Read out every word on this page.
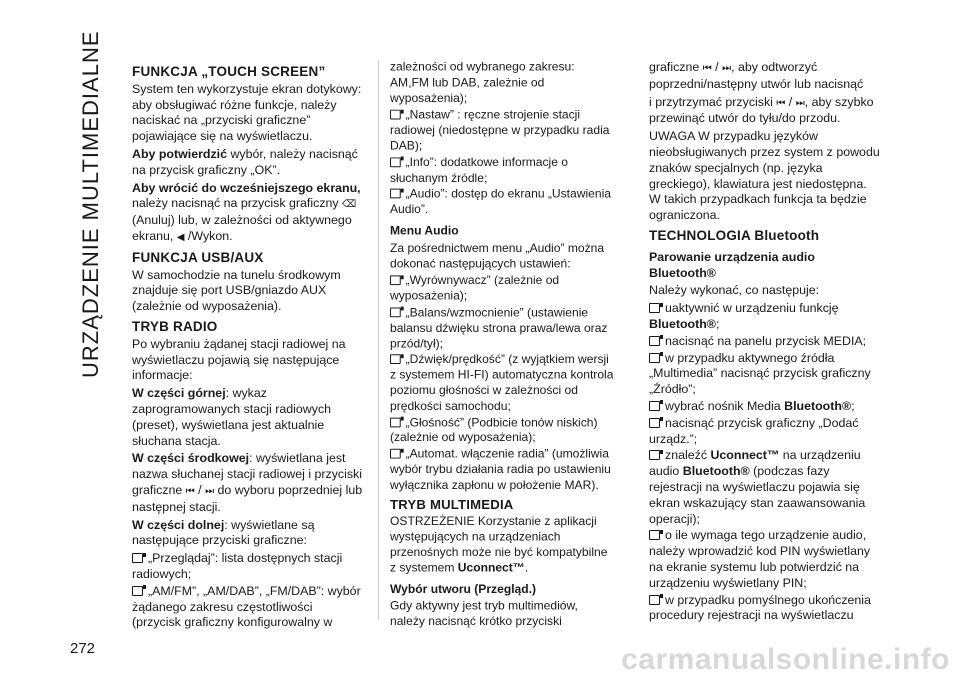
URZĄDZENIE MULTIMEDIALNE
272	carmanualsonline.info
FUNKCJA „TOUCH SCREEN”

System ten wykorzystuje ekran dotykowy: aby obsługiwać różne funkcje, należy naciskać na „przyciski graficzne” pojawiające się na wyświetlaczu.

Aby potwierdzić wybór, należy nacisnąć na przycisk graficzny „OK”.

Aby wrócić do wcześniejszego ekranu, należy nacisnąć na przycisk graficzny ⌫ (Anuluj) lub, w zależności od aktywnego ekranu, ◀ /Wykon.

FUNKCJA USB/AUX

W samochodzie na tunelu środkowym znajduje się port USB/gniazdo AUX (zależnie od wyposażenia).

TRYB RADIO

Po wybraniu żądanej stacji radiowej na wyświetlaczu pojawią się następujące informacje:

W części górnej: wykaz zaprogramowanych stacji radiowych (preset), wyświetlana jest aktualnie słuchana stacja.

W części środkowej: wyświetlana jest nazwa słuchanej stacji radiowej i przyciski graficzne ⏮ / ⏭ do wyboru poprzedniej lub następnej stacji.

W części dolnej: wyświetlane są następujące przyciski graficzne:

„Przeglądaj”: lista dostępnych stacji radiowych;
„AM/FM”, „AM/DAB”, „FM/DAB”: wybór żądanego zakresu częstotliwości (przycisk graficzny konfigurowalny w

zależności od wybranego zakresu: AM,FM lub DAB, zależnie od wyposażenia);

„Nastaw” : ręczne strojenie stacji radiowej (niedostępne w przypadku radia DAB);
„Info”: dodatkowe informacje o słuchanym źródle;
„Audio”: dostęp do ekranu „Ustawienia Audio”.
Menu Audio

Za pośrednictwem menu „Audio” można dokonać następujących ustawień:

„Wyrównywacz” (zależnie od wyposażenia);
„Balans/wzmocnienie” (ustawienie balansu dźwięku strona prawa/lewa oraz przód/tył);
„Dźwięk/prędkość” (z wyjątkiem wersji z systemem HI-FI) automatyczna kontrola poziomu głośności w zależności od prędkości samochodu;
„Głośność” (Podbicie tonów niskich) (zależnie od wyposażenia);
„Automat. włączenie radia” (umożliwia wybór trybu działania radia po ustawieniu wyłącznika zapłonu w położenie MAR).
TRYB MULTIMEDIA

OSTRZEŻENIE Korzystanie z aplikacji występujących na urządzeniach przenośnych może nie być kompatybilne z systemem Uconnect™.

Wybór utworu (Przegląd.)

Gdy aktywny jest tryb multimediów, należy nacisnąć krótko przyciski

graficzne ⏮ / ⏭, aby odtworzyć poprzedni/następny utwór lub nacisnąć

i przytrzymać przyciski ⏮ / ⏭, aby szybko przewinąć utwór do tyłu/do przodu.

UWAGA W przypadku języków nieobsługiwanych przez system z powodu znaków specjalnych (np. języka greckiego), klawiatura jest niedostępna. W takich przypadkach funkcja ta będzie ograniczona.

TECHNOLOGIA Bluetooth
Parowanie urządzenia audio Bluetooth®

Należy wykonać, co następuje:

uaktywnić w urządzeniu funkcję Bluetooth®;
nacisnąć na panelu przycisk MEDIA;
w przypadku aktywnego źródła „Multimedia” nacisnąć przycisk graficzny „Źródło”;
wybrać nośnik Media Bluetooth®;
nacisnąć przycisk graficzny „Dodać urządz.”;
znaleźć Uconnect™ na urządzeniu audio Bluetooth® (podczas fazy rejestracji na wyświetlaczu pojawia się ekran wskazujący stan zaawansowania operacji);
o ile wymaga tego urządzenie audio, należy wprowadzić kod PIN wyświetlany na ekranie systemu lub potwierdzić na urządzeniu wyświetlany PIN;
w przypadku pomyślnego ukończenia procedury rejestracji na wyświetlaczu
